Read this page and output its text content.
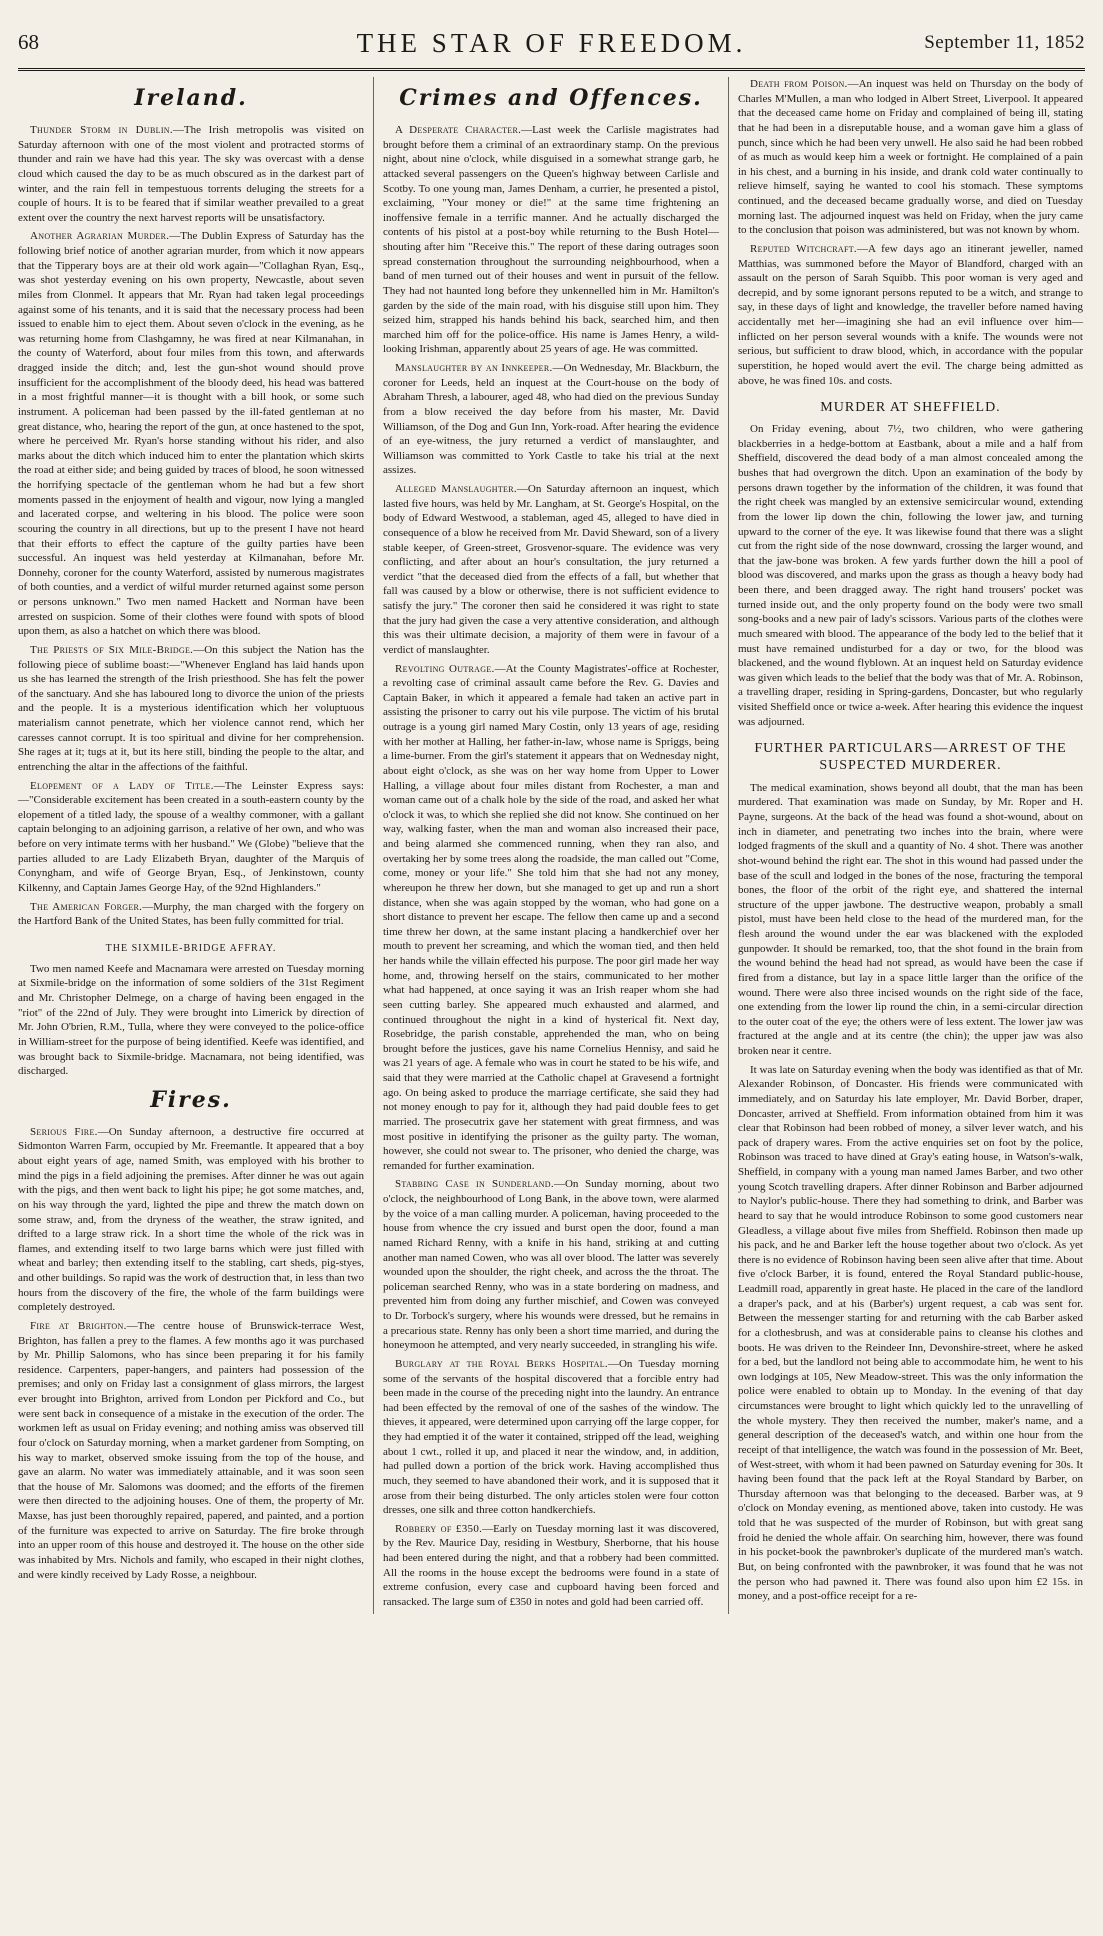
68	THE STAR OF FREEDOM.	September 11, 1852
Ireland.

Thunder Storm in Dublin.—The Irish metropolis was visited on Saturday afternoon with one of the most violent and protracted storms of thunder and rain we have had this year. The sky was overcast with a dense cloud which caused the day to be as much obscured as in the darkest part of winter, and the rain fell in tempestuous torrents deluging the streets for a couple of hours. It is to be feared that if similar weather prevailed to a great extent over the country the next harvest reports will be unsatisfactory.

Another Agrarian Murder.—The Dublin Express of Saturday has the following brief notice of another agrarian murder, from which it now appears that the Tipperary boys are at their old work again—"Collaghan Ryan, Esq., was shot yesterday evening on his own property, Newcastle, about seven miles from Clonmel. It appears that Mr. Ryan had taken legal proceedings against some of his tenants, and it is said that the necessary process had been issued to enable him to eject them. About seven o'clock in the evening, as he was returning home from Clashgamny, he was fired at near Kilmanahan, in the county of Waterford, about four miles from this town, and afterwards dragged inside the ditch; and, lest the gun-shot wound should prove insufficient for the accomplishment of the bloody deed, his head was battered in a most frightful manner—it is thought with a bill hook, or some such instrument. A policeman had been passed by the ill-fated gentleman at no great distance, who, hearing the report of the gun, at once hastened to the spot, where he perceived Mr. Ryan's horse standing without his rider, and also marks about the ditch which induced him to enter the plantation which skirts the road at either side; and being guided by traces of blood, he soon witnessed the horrifying spectacle of the gentleman whom he had but a few short moments passed in the enjoyment of health and vigour, now lying a mangled and lacerated corpse, and weltering in his blood. The police were soon scouring the country in all directions, but up to the present I have not heard that their efforts to effect the capture of the guilty parties have been successful. An inquest was held yesterday at Kilmanahan, before Mr. Donnehy, coroner for the county Waterford, assisted by numerous magistrates of both counties, and a verdict of wilful murder returned against some person or persons unknown." Two men named Hackett and Norman have been arrested on suspicion. Some of their clothes were found with spots of blood upon them, as also a hatchet on which there was blood.

The Priests of Six Mile-Bridge.—On this subject the Nation has the following piece of sublime boast:—"Whenever England has laid hands upon us she has learned the strength of the Irish priesthood. She has felt the power of the sanctuary. And she has laboured long to divorce the union of the priests and the people. It is a mysterious identification which her voluptuous materialism cannot penetrate, which her violence cannot rend, which her caresses cannot corrupt. It is too spiritual and divine for her comprehension. She rages at it; tugs at it, but its here still, binding the people to the altar, and entrenching the altar in the affections of the faithful.

Elopement of a Lady of Title.—The Leinster Express says:—"Considerable excitement has been created in a south-eastern county by the elopement of a titled lady, the spouse of a wealthy commoner, with a gallant captain belonging to an adjoining garrison, a relative of her own, and who was before on very intimate terms with her husband." We (Globe) "believe that the parties alluded to are Lady Elizabeth Bryan, daughter of the Marquis of Conyngham, and wife of George Bryan, Esq., of Jenkinstown, county Kilkenny, and Captain James George Hay, of the 92nd Highlanders."

The American Forger.—Murphy, the man charged with the forgery on the Hartford Bank of the United States, has been fully committed for trial.

THE SIXMILE-BRIDGE AFFRAY.

Two men named Keefe and Macnamara were arrested on Tuesday morning at Sixmile-bridge on the information of some soldiers of the 31st Regiment and Mr. Christopher Delmege, on a charge of having been engaged in the "riot" of the 22nd of July. They were brought into Limerick by direction of Mr. John O'brien, R.M., Tulla, where they were conveyed to the police-office in William-street for the purpose of being identified. Keefe was identified, and was brought back to Sixmile-bridge. Macnamara, not being identified, was discharged.

Fires.

Serious Fire.—On Sunday afternoon, a destructive fire occurred at Sidmonton Warren Farm, occupied by Mr. Freemantle. It appeared that a boy about eight years of age, named Smith, was employed with his brother to mind the pigs in a field adjoining the premises. After dinner he was out again with the pigs, and then went back to light his pipe; he got some matches, and, on his way through the yard, lighted the pipe and threw the match down on some straw, and, from the dryness of the weather, the straw ignited, and drifted to a large straw rick. In a short time the whole of the rick was in flames, and extending itself to two large barns which were just filled with wheat and barley; then extending itself to the stabling, cart sheds, pig-styes, and other buildings. So rapid was the work of destruction that, in less than two hours from the discovery of the fire, the whole of the farm buildings were completely destroyed.

Fire at Brighton.—The centre house of Brunswick-terrace West, Brighton, has fallen a prey to the flames. A few months ago it was purchased by Mr. Phillip Salomons, who has since been preparing it for his family residence. Carpenters, paper-hangers, and painters had possession of the premises; and only on Friday last a consignment of glass mirrors, the largest ever brought into Brighton, arrived from London per Pickford and Co., but were sent back in consequence of a mistake in the execution of the order. The workmen left as usual on Friday evening; and nothing amiss was observed till four o'clock on Saturday morning, when a market gardener from Sompting, on his way to market, observed smoke issuing from the top of the house, and gave an alarm. No water was immediately attainable, and it was soon seen that the house of Mr. Salomons was doomed; and the efforts of the firemen were then directed to the adjoining houses. One of them, the property of Mr. Maxse, has just been thoroughly repaired, papered, and painted, and a portion of the furniture was expected to arrive on Saturday. The fire broke through into an upper room of this house and destroyed it. The house on the other side was inhabited by Mrs. Nichols and family, who escaped in their night clothes, and were kindly received by Lady Rosse, a neighbour.

Crimes and Offences.

A Desperate Character.—Last week the Carlisle magistrates had brought before them a criminal of an extraordinary stamp. On the previous night, about nine o'clock, while disguised in a somewhat strange garb, he attacked several passengers on the Queen's highway between Carlisle and Scotby. To one young man, James Denham, a currier, he presented a pistol, exclaiming, "Your money or die!" at the same time frightening an inoffensive female in a terrific manner. And he actually discharged the contents of his pistol at a post-boy while returning to the Bush Hotel—shouting after him "Receive this." The report of these daring outrages soon spread consternation throughout the surrounding neighbourhood, when a band of men turned out of their houses and went in pursuit of the fellow. They had not haunted long before they unkennelled him in Mr. Hamilton's garden by the side of the main road, with his disguise still upon him. They seized him, strapped his hands behind his back, searched him, and then marched him off for the police-office. His name is James Henry, a wild-looking Irishman, apparently about 25 years of age. He was committed.

Manslaughter by an Innkeeper.—On Wednesday, Mr. Blackburn, the coroner for Leeds, held an inquest at the Court-house on the body of Abraham Thresh, a labourer, aged 48, who had died on the previous Sunday from a blow received the day before from his master, Mr. David Williamson, of the Dog and Gun Inn, York-road. After hearing the evidence of an eye-witness, the jury returned a verdict of manslaughter, and Williamson was committed to York Castle to take his trial at the next assizes.

Alleged Manslaughter.—On Saturday afternoon an inquest, which lasted five hours, was held by Mr. Langham, at St. George's Hospital, on the body of Edward Westwood, a stableman, aged 45, alleged to have died in consequence of a blow he received from Mr. David Sheward, son of a livery stable keeper, of Green-street, Grosvenor-square. The evidence was very conflicting, and after about an hour's consultation, the jury returned a verdict "that the deceased died from the effects of a fall, but whether that fall was caused by a blow or otherwise, there is not sufficient evidence to satisfy the jury." The coroner then said he considered it was right to state that the jury had given the case a very attentive consideration, and although this was their ultimate decision, a majority of them were in favour of a verdict of manslaughter.

Revolting Outrage.—At the County Magistrates'-office at Rochester, a revolting case of criminal assault came before the Rev. G. Davies and Captain Baker, in which it appeared a female had taken an active part in assisting the prisoner to carry out his vile purpose. The victim of his brutal outrage is a young girl named Mary Costin, only 13 years of age, residing with her mother at Halling, her father-in-law, whose name is Spriggs, being a lime-burner. From the girl's statement it appears that on Wednesday night, about eight o'clock, as she was on her way home from Upper to Lower Halling, a village about four miles distant from Rochester, a man and woman came out of a chalk hole by the side of the road, and asked her what o'clock it was, to which she replied she did not know. She continued on her way, walking faster, when the man and woman also increased their pace, and being alarmed she commenced running, when they ran also, and overtaking her by some trees along the roadside, the man called out "Come, come, money or your life." She told him that she had not any money, whereupon he threw her down, but she managed to get up and run a short distance, when she was again stopped by the woman, who had gone on a short distance to prevent her escape. The fellow then came up and a second time threw her down, at the same instant placing a handkerchief over her mouth to prevent her screaming, and which the woman tied, and then held her hands while the villain effected his purpose. The poor girl made her way home, and, throwing herself on the stairs, communicated to her mother what had happened, at once saying it was an Irish reaper whom she had seen cutting barley. She appeared much exhausted and alarmed, and continued throughout the night in a kind of hysterical fit. Next day, Rosebridge, the parish constable, apprehended the man, who on being brought before the justices, gave his name Cornelius Hennisy, and said he was 21 years of age. A female who was in court he stated to be his wife, and said that they were married at the Catholic chapel at Gravesend a fortnight ago. On being asked to produce the marriage certificate, she said they had not money enough to pay for it, although they had paid double fees to get married. The prosecutrix gave her statement with great firmness, and was most positive in identifying the prisoner as the guilty party. The woman, however, she could not swear to. The prisoner, who denied the charge, was remanded for further examination.

Stabbing Case in Sunderland.—On Sunday morning, about two o'clock, the neighbourhood of Long Bank, in the above town, were alarmed by the voice of a man calling murder. A policeman, having proceeded to the house from whence the cry issued and burst open the door, found a man named Richard Renny, with a knife in his hand, striking at and cutting another man named Cowen, who was all over blood. The latter was severely wounded upon the shoulder, the right cheek, and across the the throat. The policeman searched Renny, who was in a state bordering on madness, and prevented him from doing any further mischief, and Cowen was conveyed to Dr. Torbock's surgery, where his wounds were dressed, but he remains in a precarious state. Renny has only been a short time married, and during the honeymoon he attempted, and very nearly succeeded, in strangling his wife.

Burglary at the Royal Berks Hospital.—On Tuesday morning some of the servants of the hospital discovered that a forcible entry had been made in the course of the preceding night into the laundry. An entrance had been effected by the removal of one of the sashes of the window. The thieves, it appeared, were determined upon carrying off the large copper, for they had emptied it of the water it contained, stripped off the lead, weighing about 1 cwt., rolled it up, and placed it near the window, and, in addition, had pulled down a portion of the brick work. Having accomplished thus much, they seemed to have abandoned their work, and it is supposed that it arose from their being disturbed. The only articles stolen were four cotton dresses, one silk and three cotton handkerchiefs.

Robbery of £350.—Early on Tuesday morning last it was discovered, by the Rev. Maurice Day, residing in Westbury, Sherborne, that his house had been entered during the night, and that a robbery had been committed. All the rooms in the house except the bedrooms were found in a state of extreme confusion, every case and cupboard having been forced and ransacked. The large sum of £350 in notes and gold had been carried off.

Death from Poison.—An inquest was held on Thursday on the body of Charles M'Mullen, a man who lodged in Albert Street, Liverpool. It appeared that the deceased came home on Friday and complained of being ill, stating that he had been in a disreputable house, and a woman gave him a glass of punch, since which he had been very unwell. He also said he had been robbed of as much as would keep him a week or fortnight. He complained of a pain in his chest, and a burning in his inside, and drank cold water continually to relieve himself, saying he wanted to cool his stomach. These symptoms continued, and the deceased became gradually worse, and died on Tuesday morning last. The adjourned inquest was held on Friday, when the jury came to the conclusion that poison was administered, but was not known by whom.

Reputed Witchcraft.—A few days ago an itinerant jeweller, named Matthias, was summoned before the Mayor of Blandford, charged with an assault on the person of Sarah Squibb. This poor woman is very aged and decrepid, and by some ignorant persons reputed to be a witch, and strange to say, in these days of light and knowledge, the traveller before named having accidentally met her—imagining she had an evil influence over him—inflicted on her person several wounds with a knife. The wounds were not serious, but sufficient to draw blood, which, in accordance with the popular superstition, he hoped would avert the evil. The charge being admitted as above, he was fined 10s. and costs.

MURDER AT SHEFFIELD.

On Friday evening, about 7½, two children, who were gathering blackberries in a hedge-bottom at Eastbank, about a mile and a half from Sheffield, discovered the dead body of a man almost concealed among the bushes that had overgrown the ditch. Upon an examination of the body by persons drawn together by the information of the children, it was found that the right cheek was mangled by an extensive semicircular wound, extending from the lower lip down the chin, following the lower jaw, and turning upward to the corner of the eye. It was likewise found that there was a slight cut from the right side of the nose downward, crossing the larger wound, and that the jaw-bone was broken. A few yards further down the hill a pool of blood was discovered, and marks upon the grass as though a heavy body had been there, and been dragged away. The right hand trousers' pocket was turned inside out, and the only property found on the body were two small song-books and a new pair of lady's scissors. Various parts of the clothes were much smeared with blood. The appearance of the body led to the belief that it must have remained undisturbed for a day or two, for the blood was blackened, and the wound flyblown. At an inquest held on Saturday evidence was given which leads to the belief that the body was that of Mr. A. Robinson, a travelling draper, residing in Spring-gardens, Doncaster, but who regularly visited Sheffield once or twice a-week. After hearing this evidence the inquest was adjourned.

FURTHER PARTICULARS—ARREST OF THE SUSPECTED MURDERER.

The medical examination, shows beyond all doubt, that the man has been murdered. That examination was made on Sunday, by Mr. Roper and H. Payne, surgeons. At the back of the head was found a shot-wound, about on inch in diameter, and penetrating two inches into the brain, where were lodged fragments of the skull and a quantity of No. 4 shot. There was another shot-wound behind the right ear. The shot in this wound had passed under the base of the scull and lodged in the bones of the nose, fracturing the temporal bones, the floor of the orbit of the right eye, and shattered the internal structure of the upper jawbone. The destructive weapon, probably a small pistol, must have been held close to the head of the murdered man, for the flesh around the wound under the ear was blackened with the exploded gunpowder. It should be remarked, too, that the shot found in the brain from the wound behind the head had not spread, as would have been the case if fired from a distance, but lay in a space little larger than the orifice of the wound. There were also three incised wounds on the right side of the face, one extending from the lower lip round the chin, in a semi-circular direction to the outer coat of the eye; the others were of less extent. The lower jaw was fractured at the angle and at its centre (the chin); the upper jaw was also broken near it centre.

It was late on Saturday evening when the body was identified as that of Mr. Alexander Robinson, of Doncaster. His friends were communicated with immediately, and on Saturday his late employer, Mr. David Borber, draper, Doncaster, arrived at Sheffield. From information obtained from him it was clear that Robinson had been robbed of money, a silver lever watch, and his pack of drapery wares. From the active enquiries set on foot by the police, Robinson was traced to have dined at Gray's eating house, in Watson's-walk, Sheffield, in company with a young man named James Barber, and two other young Scotch travelling drapers. After dinner Robinson and Barber adjourned to Naylor's public-house. There they had something to drink, and Barber was heard to say that he would introduce Robinson to some good customers near Gleadless, a village about five miles from Sheffield. Robinson then made up his pack, and he and Barker left the house together about two o'clock. As yet there is no evidence of Robinson having been seen alive after that time. About five o'clock Barber, it is found, entered the Royal Standard public-house, Leadmill road, apparently in great haste. He placed in the care of the landlord a draper's pack, and at his (Barber's) urgent request, a cab was sent for. Between the messenger starting for and returning with the cab Barber asked for a clothesbrush, and was at considerable pains to cleanse his clothes and boots. He was driven to the Reindeer Inn, Devonshire-street, where he asked for a bed, but the landlord not being able to accommodate him, he went to his own lodgings at 105, New Meadow-street. This was the only information the police were enabled to obtain up to Monday. In the evening of that day circumstances were brought to light which quickly led to the unravelling of the whole mystery. They then received the number, maker's name, and a general description of the deceased's watch, and within one hour from the receipt of that intelligence, the watch was found in the possession of Mr. Beet, of West-street, with whom it had been pawned on Saturday evening for 30s. It having been found that the pack left at the Royal Standard by Barber, on Thursday afternoon was that belonging to the deceased. Barber was, at 9 o'clock on Monday evening, as mentioned above, taken into custody. He was told that he was suspected of the murder of Robinson, but with great sang froid he denied the whole affair. On searching him, however, there was found in his pocket-book the pawnbroker's duplicate of the murdered man's watch. But, on being confronted with the pawnbroker, it was found that he was not the person who had pawned it. There was found also upon him £2 15s. in money, and a post-office receipt for a re-
